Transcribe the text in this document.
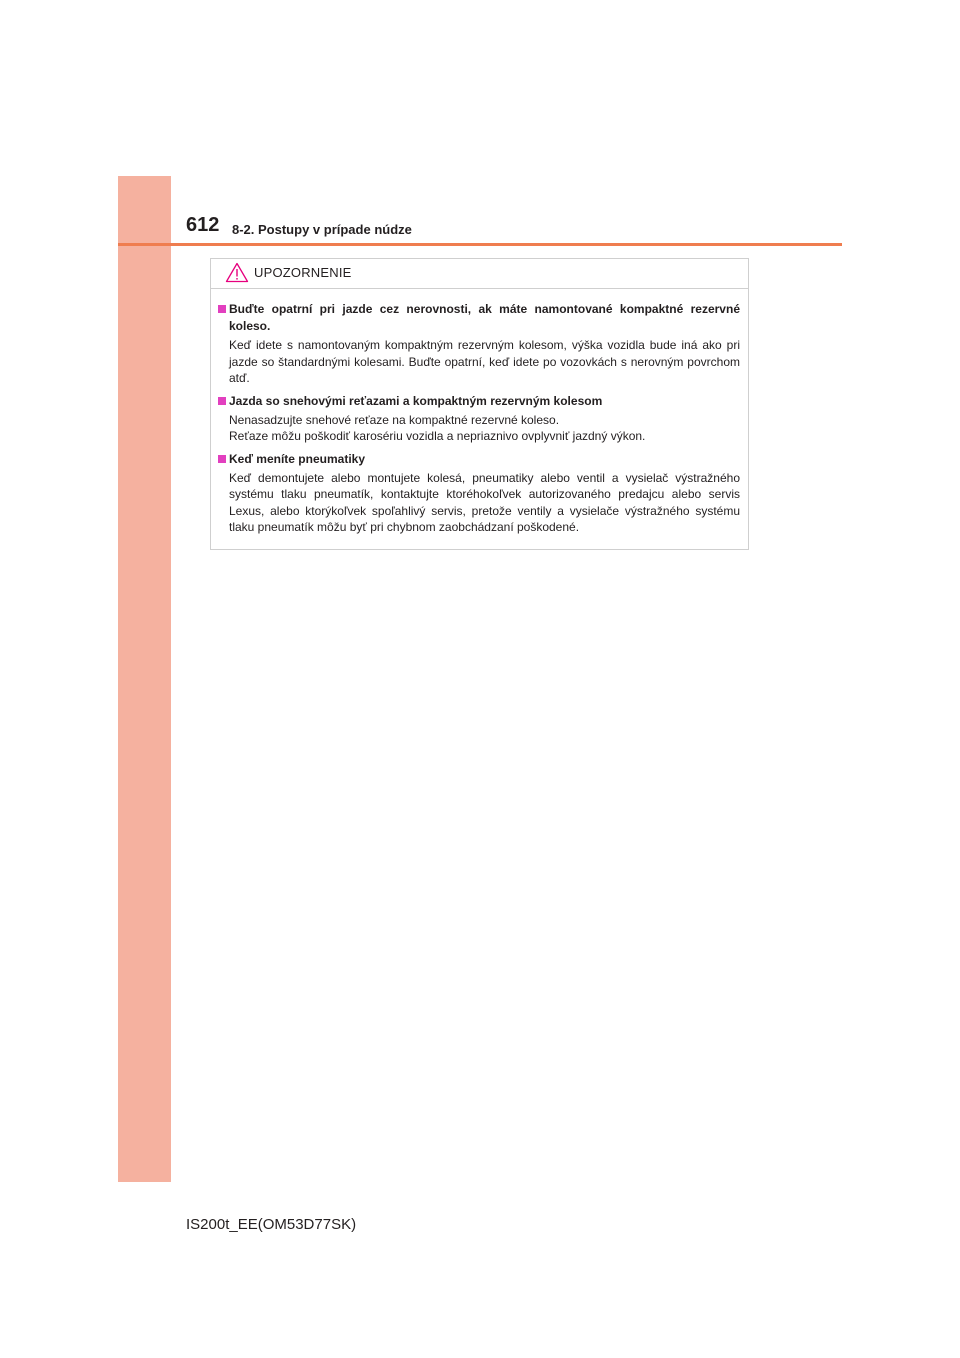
612 8-2. Postupy v prípade núdze
UPOZORNENIE

Buďte opatrní pri jazde cez nerovnosti, ak máte namontované kompaktné rezervné koleso.

Keď idete s namontovaným kompaktným rezervným kolesom, výška vozidla bude iná ako pri jazde so štandardnými kolesami. Buďte opatrní, keď idete po vozovkách s nerovným povrchom atď.

Jazda so snehovými reťazami a kompaktným rezervným kolesom

Nenasadzujte snehové reťaze na kompaktné rezervné koleso.

Reťaze môžu poškodiť karosériu vozidla a nepriaznivo ovplyvniť jazdný výkon.

Keď meníte pneumatiky

Keď demontujete alebo montujete kolesá, pneumatiky alebo ventil a vysielač výstražného systému tlaku pneumatík, kontaktujte ktoréhokoľvek autorizovaného predajcu alebo servis Lexus, alebo ktorýkoľvek spoľahlivý servis, pretože ventily a vysielače výstražného systému tlaku pneumatík môžu byť pri chybnom zaobchádzaní poškodené.

IS200t_EE(OM53D77SK)
